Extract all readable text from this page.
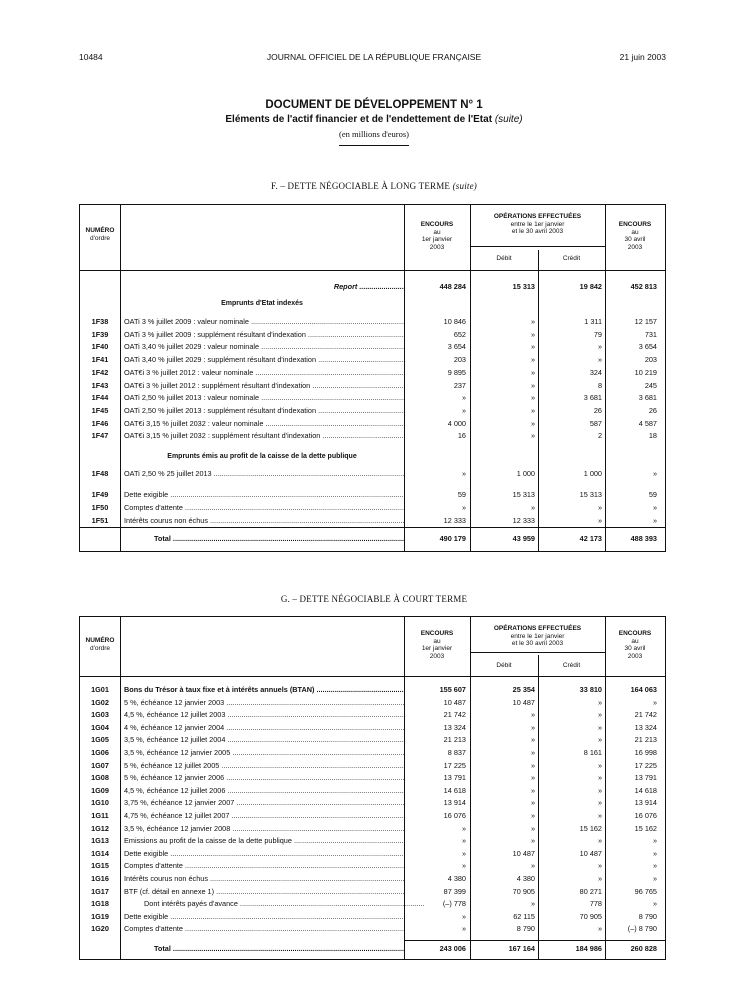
10484	JOURNAL OFFICIEL DE LA RÉPUBLIQUE FRANÇAISE	21 juin 2003
DOCUMENT DE DÉVELOPPEMENT N° 1
Eléments de l'actif financier et de l'endettement de l'Etat (suite)
(en millions d'euros)
F. – DETTE NÉGOCIABLE À LONG TERME (suite)
NUMÉRO
d'ordre
ENCOURS
au
1er janvier
2003
OPÉRATIONS EFFECTUÉES
entre le 1er janvier
et le 30 avril 2003
Débit	Crédit
ENCOURS
au
30 avril
2003
Report ......................	448 284	15 313	19 842	452 813
Emprunts d'Etat indexés
1F38	OATi 3 % juillet 2009 : valeur nominale .....	10 846	»	1 311	12 157
1F39	OATi 3 % juillet 2009 : supplément résultant d'indexation .....	652	»	79	731
1F40	OATi 3,40 % juillet 2029 : valeur nominale .....	3 654	»	»	3 654
1F41	OATi 3,40 % juillet 2029 : supplément résultant d'indexation .....	203	»	»	203
1F42	OAT€i 3 % juillet 2012 : valeur nominale .....	9 895	»	324	10 219
1F43	OAT€i 3 % juillet 2012 : supplément résultant d'indexation .....	237	»	8	245
1F44	OATi 2,50 % juillet 2013 : valeur nominale .....	»	»	3 681	3 681
1F45	OATi 2,50 % juillet 2013 : supplément résultant d'indexation .....	»	»	26	26
1F46	OAT€i 3,15 % juillet 2032 : valeur nominale .....	4 000	»	587	4 587
1F47	OAT€i 3,15 % juillet 2032 : supplément résultant d'indexation .....	16	»	2	18
Emprunts émis au profit de la caisse de la dette publique
1F48	OATi 2,50 % 25 juillet 2013 .....	»	1 000	1 000	»
1F49	Dette exigible .....	59	15 313	15 313	59
1F50	Comptes d'attente .....	»	»	»	»
1F51	Intérêts courus non échus .....	12 333	12 333	»	»
Total .....	490 179	43 959	42 173	488 393
G. – DETTE NÉGOCIABLE À COURT TERME
NUMÉRO
d'ordre
ENCOURS
au
1er janvier
2003
OPÉRATIONS EFFECTUÉES
entre le 1er janvier
et le 30 avril 2003
Débit	Crédit
ENCOURS
au
30 avril
2003
1G01	Bons du Trésor à taux fixe et à intérêts annuels (BTAN) .....	155 607	25 354	33 810	164 063
1G02	5 %, échéance 12 janvier 2003 .....	10 487	10 487	»	»
1G03	4,5 %, échéance 12 juillet 2003 .....	21 742	»	»	21 742
1G04	4 %, échéance 12 janvier 2004 .....	13 324	»	»	13 324
1G05	3,5 %, échéance 12 juillet 2004 .....	21 213	»	»	21 213
1G06	3,5 %, échéance 12 janvier 2005 .....	8 837	»	8 161	16 998
1G07	5 %, échéance 12 juillet 2005 .....	17 225	»	»	17 225
1G08	5 %, échéance 12 janvier 2006 .....	13 791	»	»	13 791
1G09	4,5 %, échéance 12 juillet 2006 .....	14 618	»	»	14 618
1G10	3,75 %, échéance 12 janvier 2007 .....	13 914	»	»	13 914
1G11	4,75 %, échéance 12 juillet 2007 .....	16 076	»	»	16 076
1G12	3,5 %, échéance 12 janvier 2008 .....	»	»	15 162	15 162
1G13	Emissions au profit de la caisse de la dette publique .....	»	»	»	»
1G14	Dette exigible .....	»	10 487	10 487	»
1G15	Comptes d'attente .....	»	»	»	»
1G16	Intérêts courus non échus .....	4 380	4 380	»	»
1G17	BTF (cf. détail en annexe 1) .....	87 399	70 905	80 271	96 765
1G18	Dont intérêts payés d'avance .....	(–) 778	»	778	»
1G19	Dette exigible .....	»	62 115	70 905	8 790
1G20	Comptes d'attente .....	»	8 790	»	(–) 8 790
Total .....	243 006	167 164	184 986	260 828
